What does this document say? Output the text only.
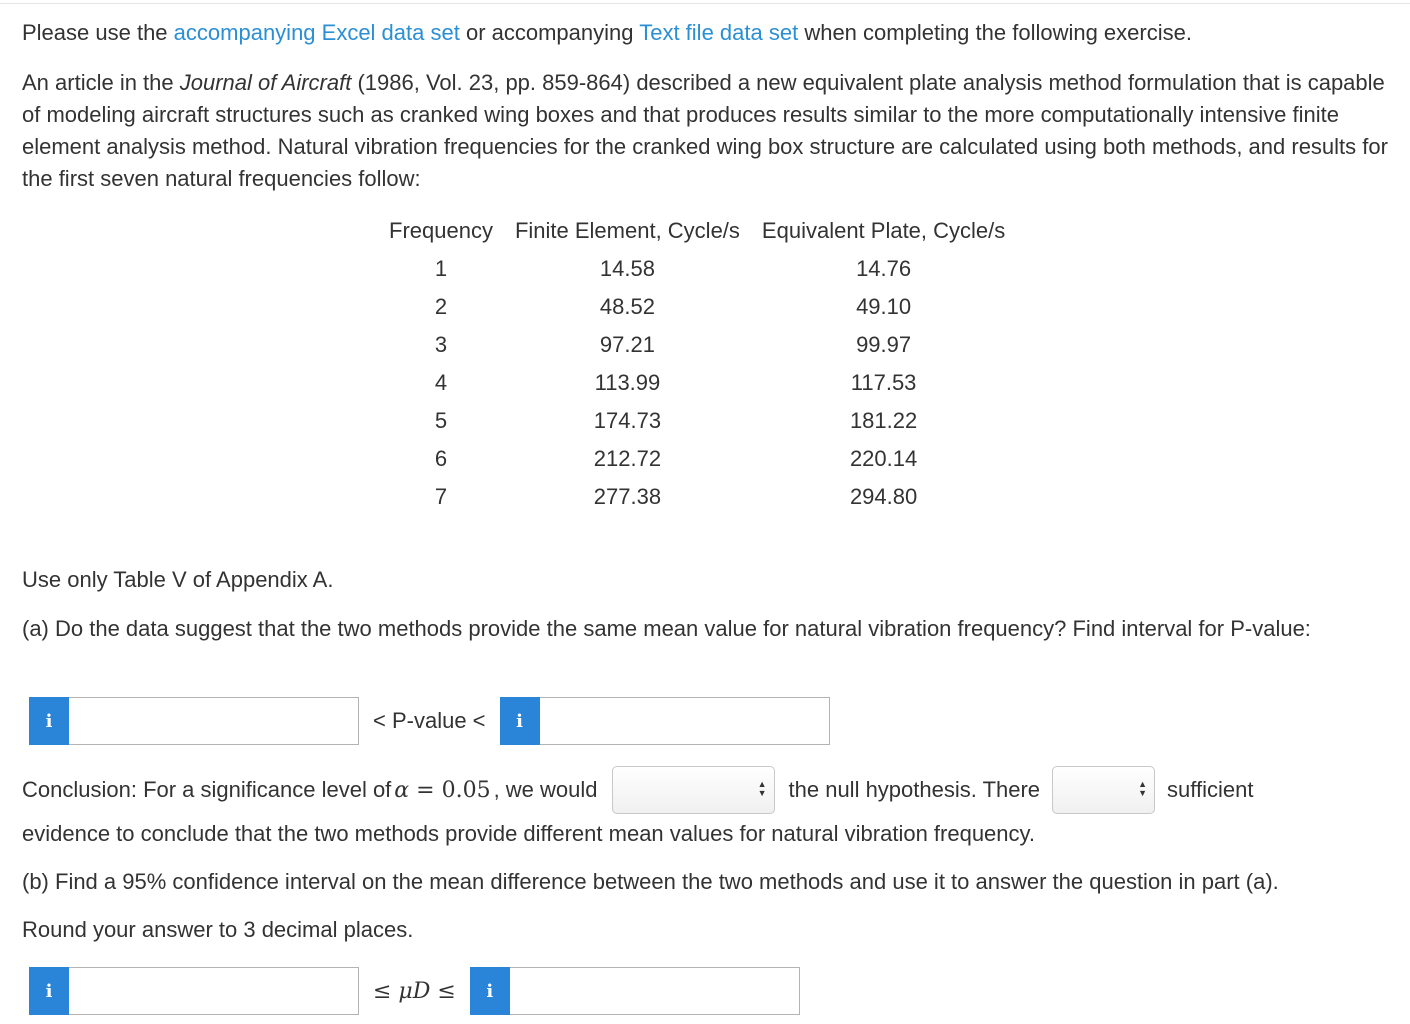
Please use the accompanying Excel data set or accompanying Text file data set when completing the following exercise.

An article in the Journal of Aircraft (1986, Vol. 23, pp. 859-864) described a new equivalent plate analysis method formulation that is capable of modeling aircraft structures such as cranked wing boxes and that produces results similar to the more computationally intensive finite element analysis method. Natural vibration frequencies for the cranked wing box structure are calculated using both methods, and results for the first seven natural frequencies follow:

Frequency	Finite Element, Cycle/s	Equivalent Plate, Cycle/s
1	14.58	14.76
2	48.52	49.10
3	97.21	99.97
4	113.99	117.53
5	174.73	181.22
6	212.72	220.14
7	277.38	294.80

Use only Table V of Appendix A.

(a) Do the data suggest that the two methods provide the same mean value for natural vibration frequency? Find interval for P-value:

i	< P-value <	i
Conclusion: For a significance level of α = 0.05 , we would	▲
▼ the null hypothesis. There	▲
▼ sufficient

evidence to conclude that the two methods provide different mean values for natural vibration frequency.

(b) Find a 95% confidence interval on the mean difference between the two methods and use it to answer the question in part (a).

Round your answer to 3 decimal places.

i	≤ μD ≤	i
